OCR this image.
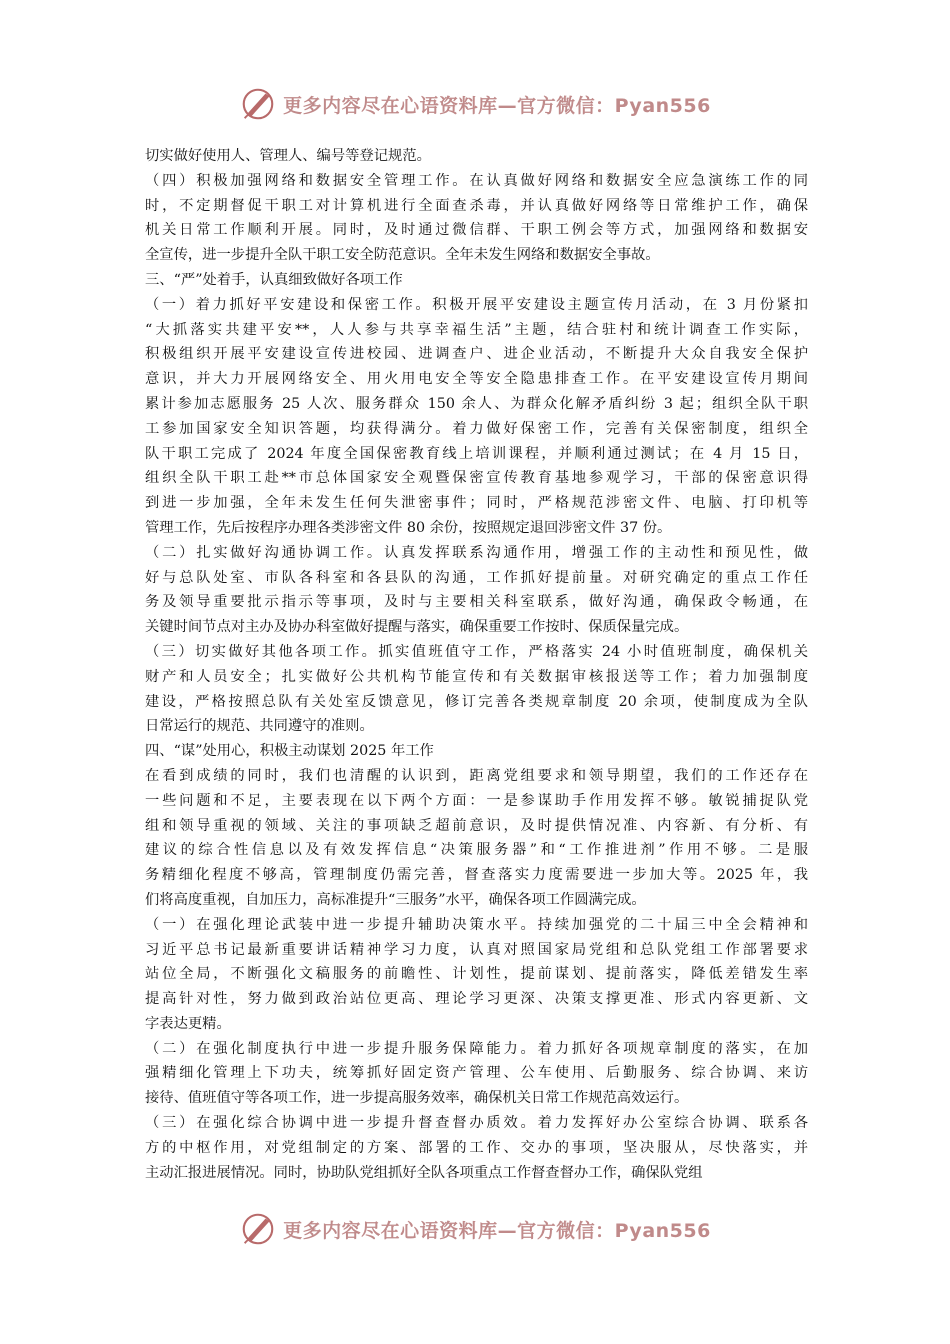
更多内容尽在心语资料库—官方微信：Pyan556
切实做好使用人、管理人、编号等登记规范。
（四）积极加强网络和数据安全管理工作。在认真做好网络和数据安全应急演练工作的同
时，不定期督促干职工对计算机进行全面查杀毒，并认真做好网络等日常维护工作，确保
机关日常工作顺利开展。同时，及时通过微信群、干职工例会等方式，加强网络和数据安
全宣传，进一步提升全队干职工安全防范意识。全年未发生网络和数据安全事故。
三、“严”处着手，认真细致做好各项工作
（一）着力抓好平安建设和保密工作。积极开展平安建设主题宣传月活动，在 3 月份紧扣
“大抓落实共建平安**，人人参与共享幸福生活”主题，结合驻村和统计调查工作实际，
积极组织开展平安建设宣传进校园、进调查户、进企业活动，不断提升大众自我安全保护
意识，并大力开展网络安全、用火用电安全等安全隐患排查工作。在平安建设宣传月期间
累计参加志愿服务 25 人次、服务群众 150 余人、为群众化解矛盾纠纷 3 起；组织全队干职
工参加国家安全知识答题，均获得满分。着力做好保密工作，完善有关保密制度，组织全
队干职工完成了 2024 年度全国保密教育线上培训课程，并顺利通过测试；在 4 月 15 日，
组织全队干职工赴**市总体国家安全观暨保密宣传教育基地参观学习，干部的保密意识得
到进一步加强，全年未发生任何失泄密事件；同时，严格规范涉密文件、电脑、打印机等
管理工作，先后按程序办理各类涉密文件 80 余份，按照规定退回涉密文件 37 份。
（二）扎实做好沟通协调工作。认真发挥联系沟通作用，增强工作的主动性和预见性，做
好与总队处室、市队各科室和各县队的沟通，工作抓好提前量。对研究确定的重点工作任
务及领导重要批示指示等事项，及时与主要相关科室联系，做好沟通，确保政令畅通，在
关键时间节点对主办及协办科室做好提醒与落实，确保重要工作按时、保质保量完成。
（三）切实做好其他各项工作。抓实值班值守工作，严格落实 24 小时值班制度，确保机关
财产和人员安全；扎实做好公共机构节能宣传和有关数据审核报送等工作；着力加强制度
建设，严格按照总队有关处室反馈意见，修订完善各类规章制度 20 余项，使制度成为全队
日常运行的规范、共同遵守的准则。
四、“谋”处用心，积极主动谋划 2025 年工作
在看到成绩的同时，我们也清醒的认识到，距离党组要求和领导期望，我们的工作还存在
一些问题和不足，主要表现在以下两个方面：一是参谋助手作用发挥不够。敏锐捕捉队党
组和领导重视的领域、关注的事项缺乏超前意识，及时提供情况准、内容新、有分析、有
建议的综合性信息以及有效发挥信息“决策服务器”和“工作推进剂”作用不够。二是服
务精细化程度不够高，管理制度仍需完善，督查落实力度需要进一步加大等。2025 年，我
们将高度重视，自加压力，高标准提升“三服务”水平，确保各项工作圆满完成。
（一）在强化理论武装中进一步提升辅助决策水平。持续加强党的二十届三中全会精神和
习近平总书记最新重要讲话精神学习力度，认真对照国家局党组和总队党组工作部署要求
站位全局，不断强化文稿服务的前瞻性、计划性，提前谋划、提前落实，降低差错发生率
提高针对性，努力做到政治站位更高、理论学习更深、决策支撑更准、形式内容更新、文
字表达更精。
（二）在强化制度执行中进一步提升服务保障能力。着力抓好各项规章制度的落实，在加
强精细化管理上下功夫，统筹抓好固定资产管理、公车使用、后勤服务、综合协调、来访
接待、值班值守等各项工作，进一步提高服务效率，确保机关日常工作规范高效运行。
（三）在强化综合协调中进一步提升督查督办质效。着力发挥好办公室综合协调、联系各
方的中枢作用，对党组制定的方案、部署的工作、交办的事项，坚决服从，尽快落实，并
主动汇报进展情况。同时，协助队党组抓好全队各项重点工作督查督办工作，确保队党组
更多内容尽在心语资料库—官方微信：Pyan556
